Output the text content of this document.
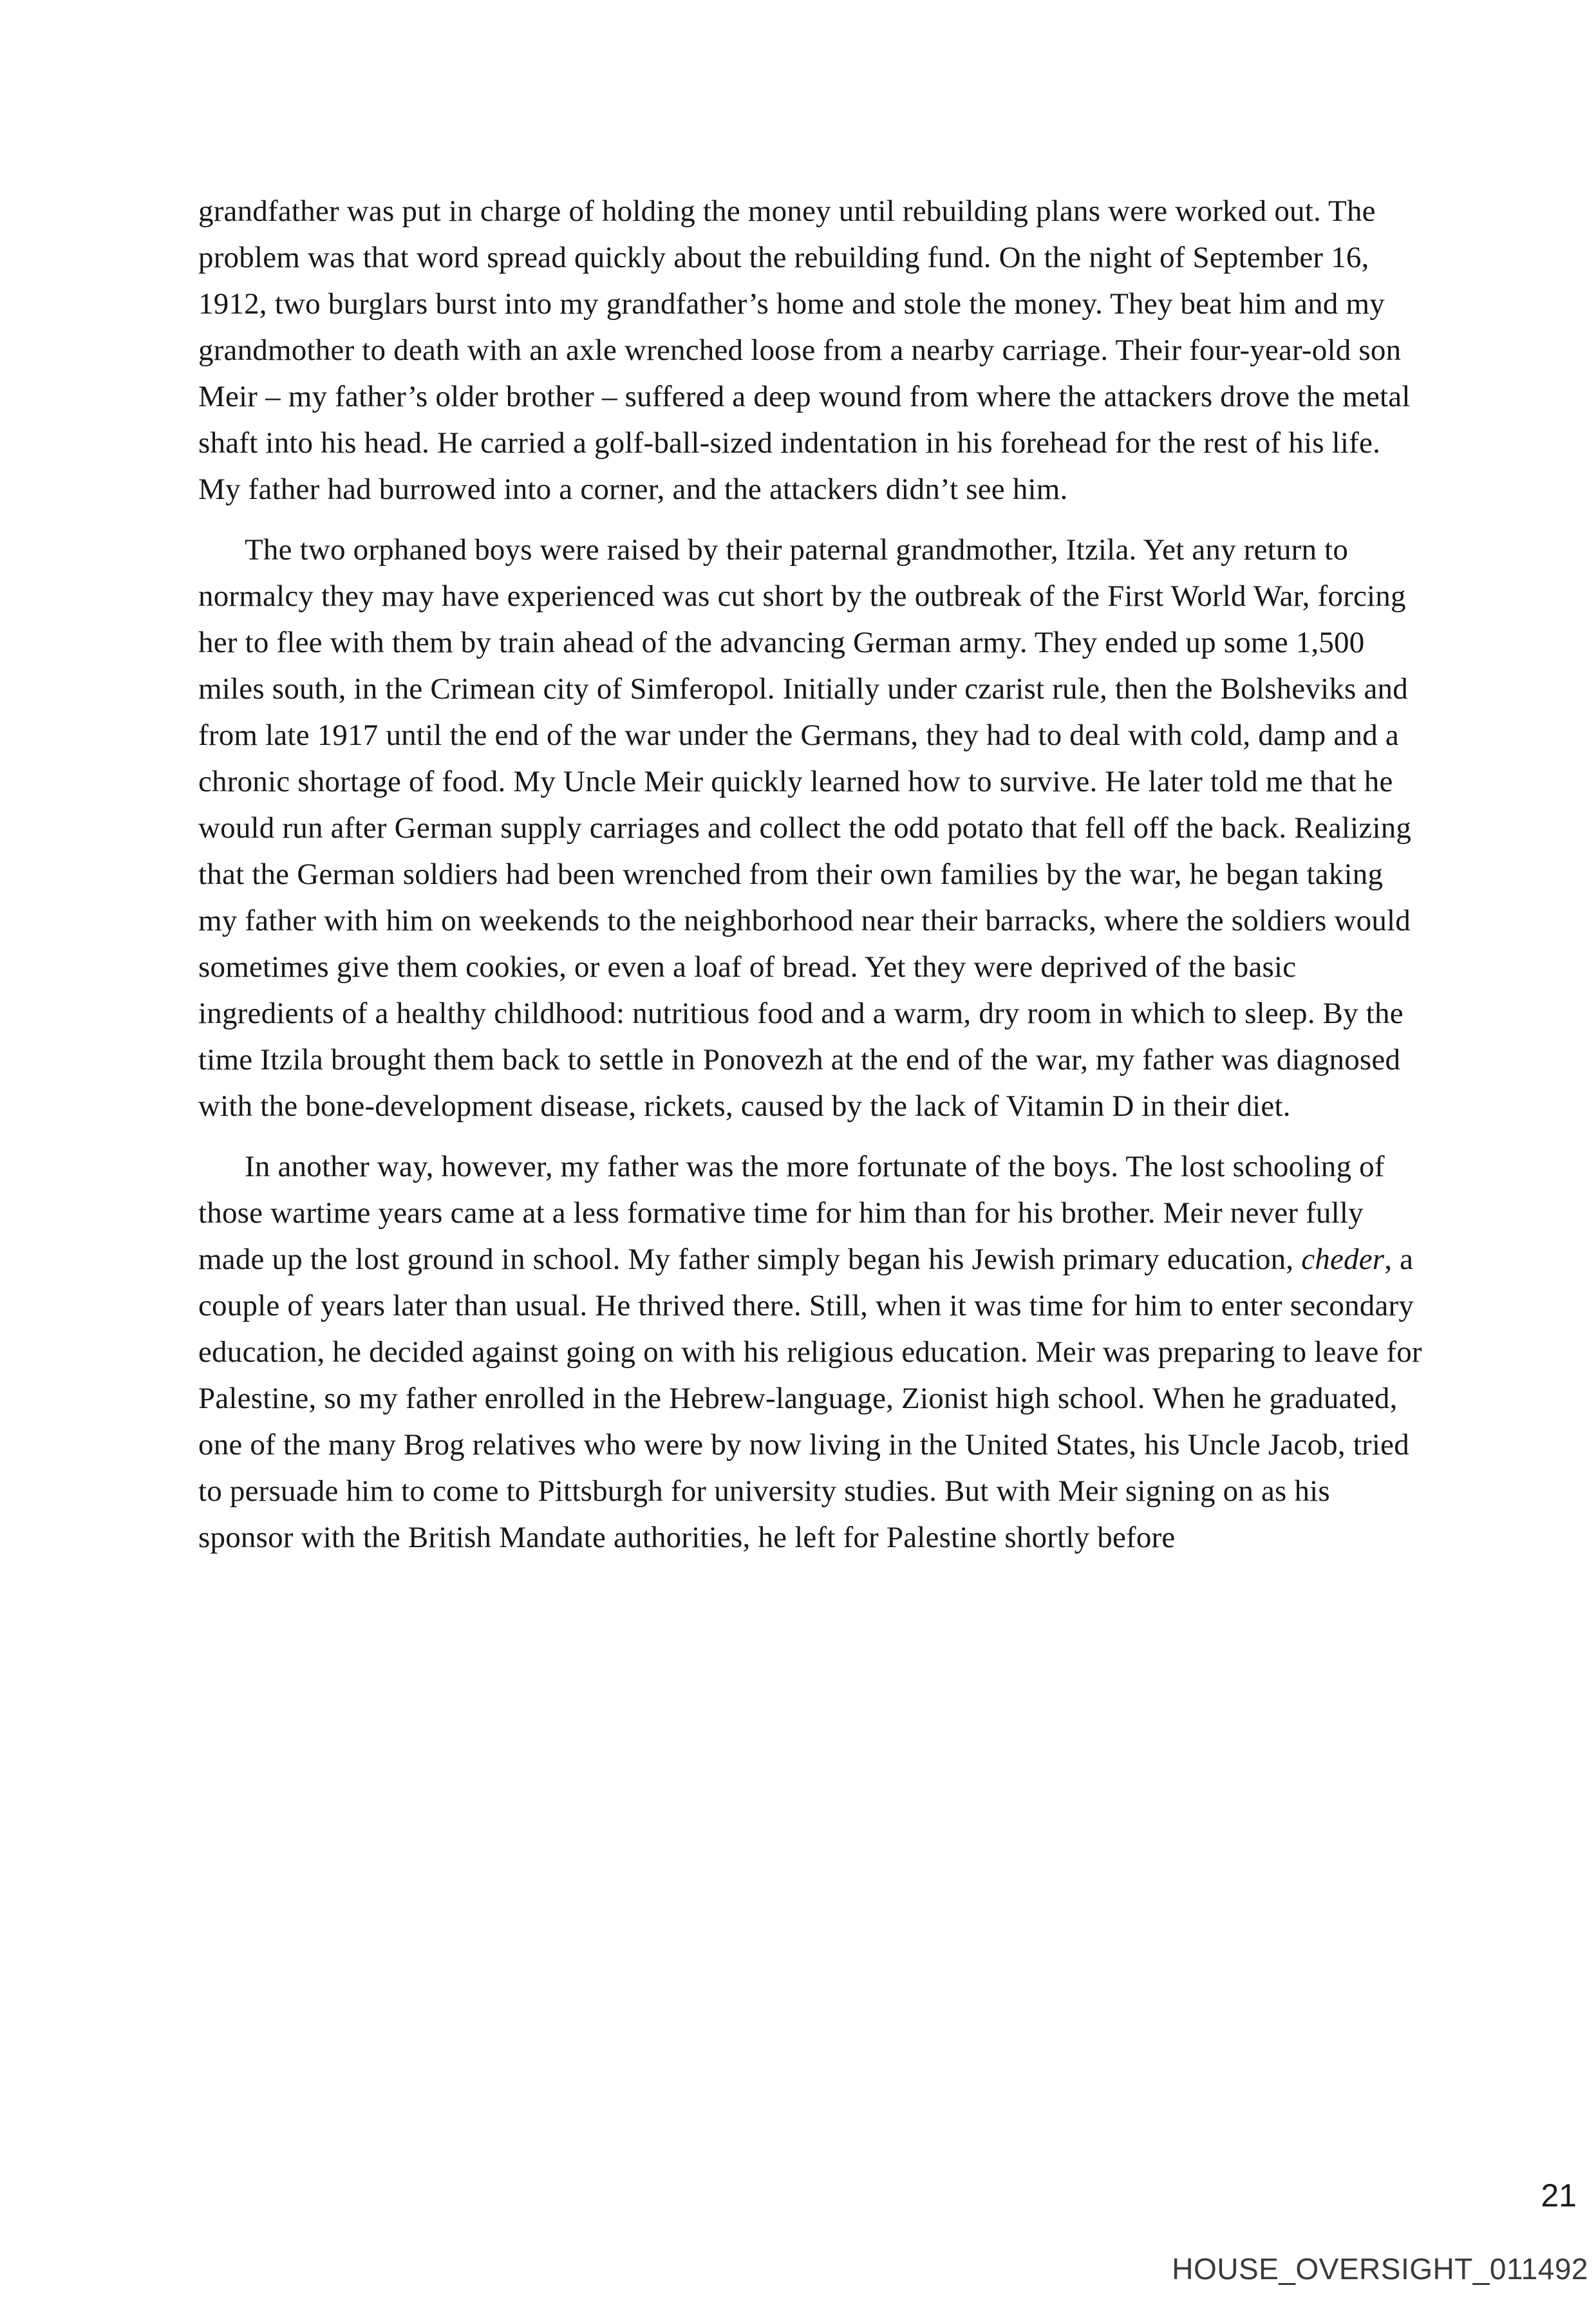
grandfather was put in charge of holding the money until rebuilding plans were worked out. The problem was that word spread quickly about the rebuilding fund. On the night of September 16, 1912, two burglars burst into my grandfather’s home and stole the money. They beat him and my grandmother to death with an axle wrenched loose from a nearby carriage. Their four-year-old son Meir – my father’s older brother – suffered a deep wound from where the attackers drove the metal shaft into his head. He carried a golf-ball-sized indentation in his forehead for the rest of his life. My father had burrowed into a corner, and the attackers didn’t see him.

The two orphaned boys were raised by their paternal grandmother, Itzila. Yet any return to normalcy they may have experienced was cut short by the outbreak of the First World War, forcing her to flee with them by train ahead of the advancing German army. They ended up some 1,500 miles south, in the Crimean city of Simferopol. Initially under czarist rule, then the Bolsheviks and from late 1917 until the end of the war under the Germans, they had to deal with cold, damp and a chronic shortage of food. My Uncle Meir quickly learned how to survive. He later told me that he would run after German supply carriages and collect the odd potato that fell off the back. Realizing that the German soldiers had been wrenched from their own families by the war, he began taking my father with him on weekends to the neighborhood near their barracks, where the soldiers would sometimes give them cookies, or even a loaf of bread. Yet they were deprived of the basic ingredients of a healthy childhood: nutritious food and a warm, dry room in which to sleep. By the time Itzila brought them back to settle in Ponovezh at the end of the war, my father was diagnosed with the bone-development disease, rickets, caused by the lack of Vitamin D in their diet.

In another way, however, my father was the more fortunate of the boys. The lost schooling of those wartime years came at a less formative time for him than for his brother. Meir never fully made up the lost ground in school. My father simply began his Jewish primary education, cheder, a couple of years later than usual. He thrived there. Still, when it was time for him to enter secondary education, he decided against going on with his religious education. Meir was preparing to leave for Palestine, so my father enrolled in the Hebrew-language, Zionist high school. When he graduated, one of the many Brog relatives who were by now living in the United States, his Uncle Jacob, tried to persuade him to come to Pittsburgh for university studies. But with Meir signing on as his sponsor with the British Mandate authorities, he left for Palestine shortly before

21
HOUSE_OVERSIGHT_011492
